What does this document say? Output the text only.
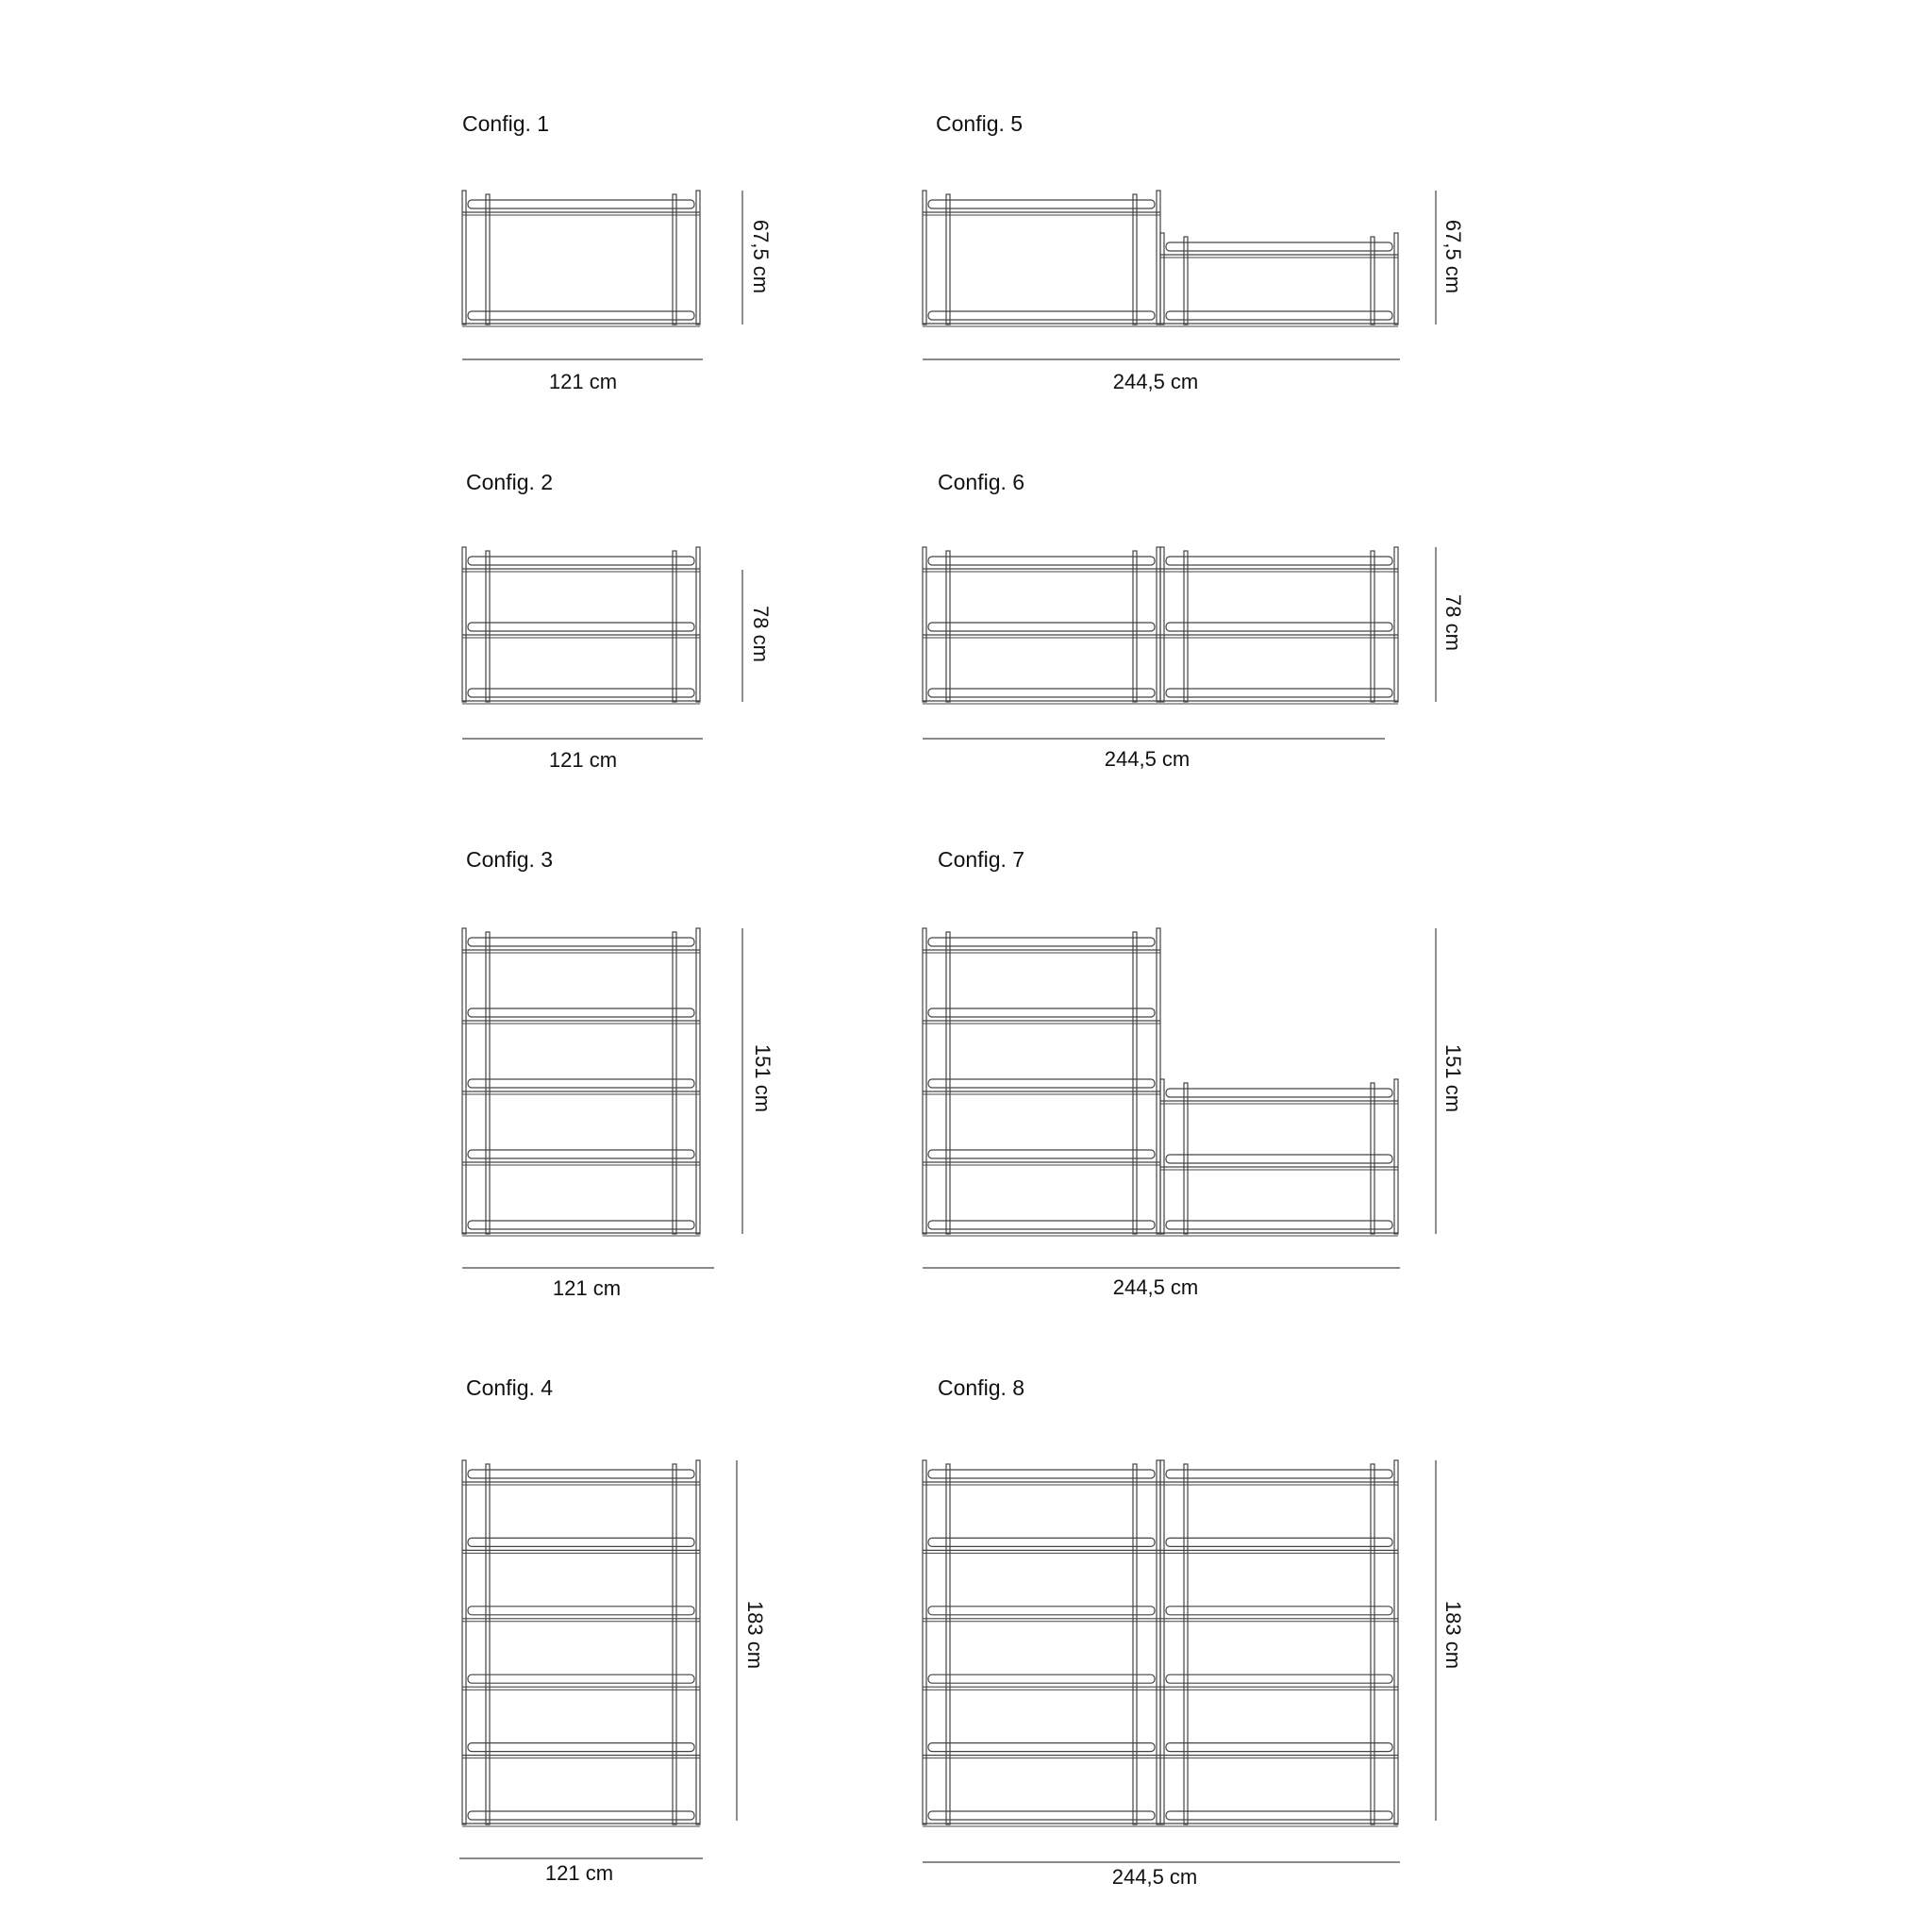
Config. 1
121 cm
67,5 cm
Config. 2
121 cm
78 cm
Config. 3
121 cm
151 cm
Config. 4
121 cm
183 cm
Config. 5
244,5 cm
67,5 cm
Config. 6
244,5 cm
78 cm
Config. 7
244,5 cm
151 cm
Config. 8
244,5 cm
183 cm
